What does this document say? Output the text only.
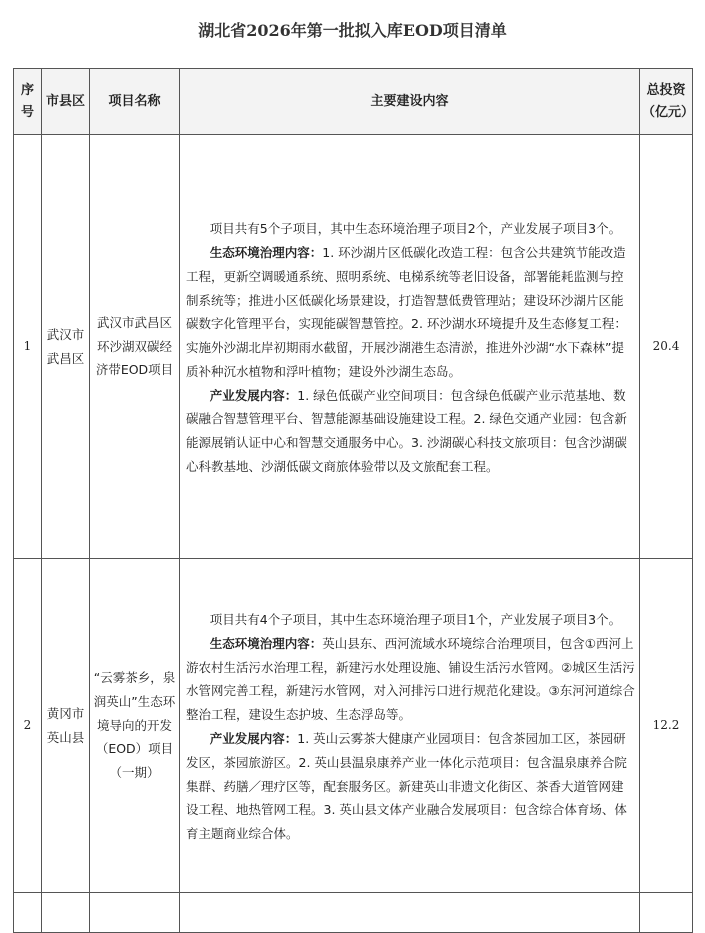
湖北省2026年第一批拟入库EOD项目清单
序号	市县区	项目名称	主要建设内容	总投资（亿元）
1	武汉市武昌区	武汉市武昌区环沙湖双碳经济带EOD项目	项目共有5个子项目，其中生态环境治理子项目2个，产业发展子项目3个。

生态环境治理内容：1. 环沙湖片区低碳化改造工程：包含公共建筑节能改造工程，更新空调暖通系统、照明系统、电梯系统等老旧设备，部署能耗监测与控制系统等；推进小区低碳化场景建设，打造智慧低费管理站；建设环沙湖片区能碳数字化管理平台，实现能碳智慧管控。2. 环沙湖水环境提升及生态修复工程：实施外沙湖北岸初期雨水截留，开展沙湖港生态清淤，推进外沙湖“水下森林”提质补种沉水植物和浮叶植物；建设外沙湖生态岛。

产业发展内容：1. 绿色低碳产业空间项目：包含绿色低碳产业示范基地、数碳融合智慧管理平台、智慧能源基础设施建设工程。2. 绿色交通产业园：包含新能源展销认证中心和智慧交通服务中心。3. 沙湖碳心科技文旅项目：包含沙湖碳心科教基地、沙湖低碳文商旅体验带以及文旅配套工程。	20.4
2	黄冈市英山县	“云雾茶乡，泉润英山”生态环境导向的开发（EOD）项目（一期）	项目共有4个子项目，其中生态环境治理子项目1个，产业发展子项目3个。

生态环境治理内容：英山县东、西河流域水环境综合治理项目，包含①西河上游农村生活污水治理工程，新建污水处理设施、铺设生活污水管网。②城区生活污水管网完善工程，新建污水管网，对入河排污口进行规范化建设。③东河河道综合整治工程，建设生态护坡、生态浮岛等。

产业发展内容：1. 英山云雾茶大健康产业园项目：包含茶园加工区，茶园研发区，茶园旅游区。2. 英山县温泉康养产业一体化示范项目：包含温泉康养合院集群、药膳／理疗区等，配套服务区。新建英山非遗文化街区、茶香大道管网建设工程、地热管网工程。3. 英山县文体产业融合发展项目：包含综合体育场、体育主题商业综合体。	12.2
